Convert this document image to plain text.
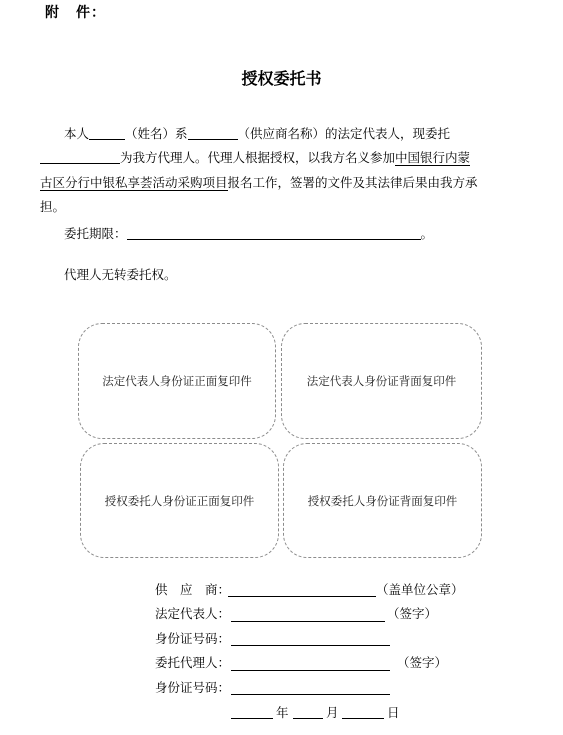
附 件：
授权委托书
本人	（姓名）系	（供应商名称）的法定代表人，现委托
为我方代理人。代理人根据授权，以我方名义参加中国银行内蒙
古区分行中银私享荟活动采购项目报名工作，签署的文件及其法律后果由我方承
担。
委托期限：	。
代理人无转委托权。
法定代表人身份证正面复印件	法定代表人身份证背面复印件
授权委托人身份证正面复印件	授权委托人身份证背面复印件
供　应　商：	（盖单位公章）
法定代表人：	（签字）
身份证号码：
委托代理人：	（签字）
身份证号码：
年	月	日
